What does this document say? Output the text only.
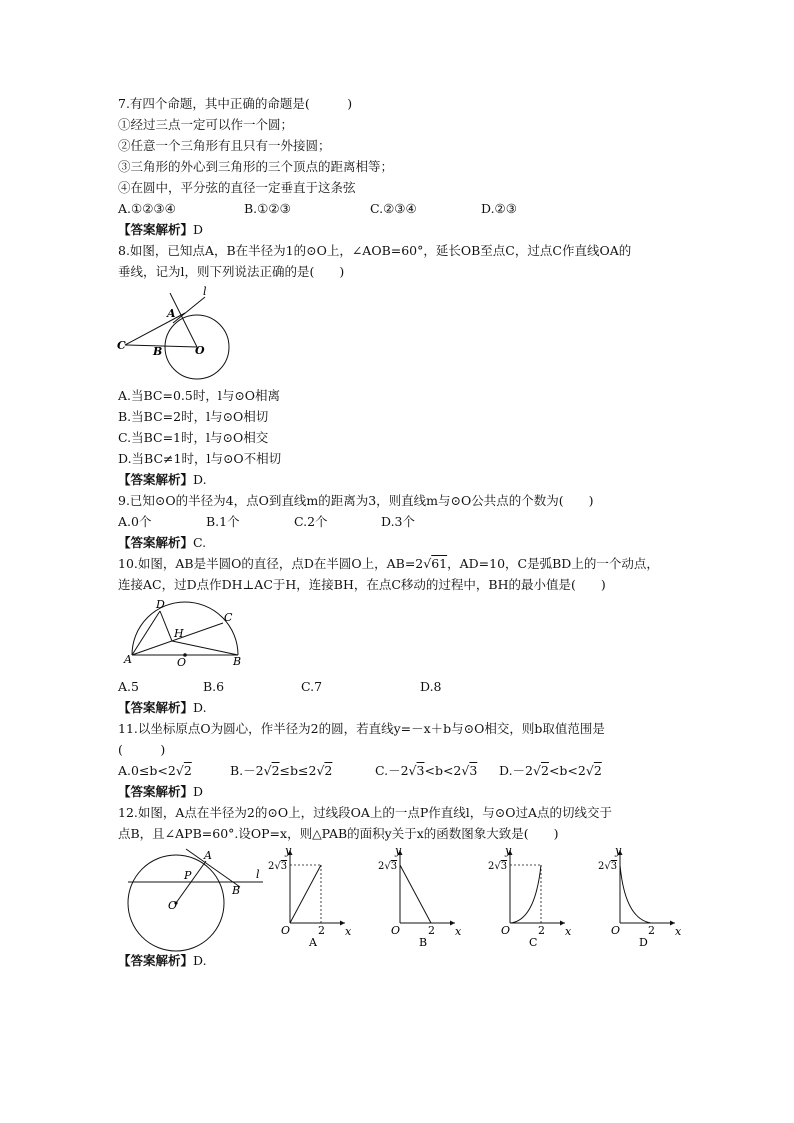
7.有四个命题，其中正确的命题是(　　　)
①经过三点一定可以作一个圆；
②任意一个三角形有且只有一外接圆；
③三角形的外心到三角形的三个顶点的距离相等；
④在圆中，平分弦的直径一定垂直于这条弦
A.①②③④	B.①②③	C.②③④	D.②③
【答案解析】D
8.如图，已知点A，B在半径为1的⊙O上，∠AOB=60°，延长OB至点C，过点C作直线OA的
垂线，记为l，则下列说法正确的是(　　)
l
A
C B	O
A.当BC=0.5时，l与⊙O相离
B.当BC=2时，l与⊙O相切
C.当BC=1时，l与⊙O相交
D.当BC≠1时，l与⊙O不相切
【答案解析】D.
9.已知⊙O的半径为4，点O到直线m的距离为3，则直线m与⊙O公共点的个数为(　　)
A.0个	B.1个	C.2个	D.3个
【答案解析】C.
10.如图，AB是半圆O的直径，点D在半圆O上，AB=2√61，AD=10，C是弧BD上的一个动点，
连接AC，过D点作DH⊥AC于H，连接BH，在点C移动的过程中，BH的最小值是(　　)
D
C
H
A	O	B
A.5	B.6	C.7	D.8
【答案解析】D.
11.以坐标原点O为圆心，作半径为2的圆，若直线y=－x＋b与⊙O相交，则b取值范围是
(　　　)
A.0≤b<2√2	B.－2√2≤b≤2√2	C.－2√3<b<2√3 D.－2√2<b<2√2
【答案解析】D
12.如图，A点在半径为2的⊙O上，过线段OA上的一点P作直线l，与⊙O过A点的切线交于
点B，且∠APB=60°.设OP=x，则△PAB的面积y关于x的函数图象大致是(　　)
A
P
B
l
O
y
x
O	2
2√3
A
y
x
O	2
2√3
B
y
x
O	2
2√3
C
y
x
O	2
2√3
D
【答案解析】D.
